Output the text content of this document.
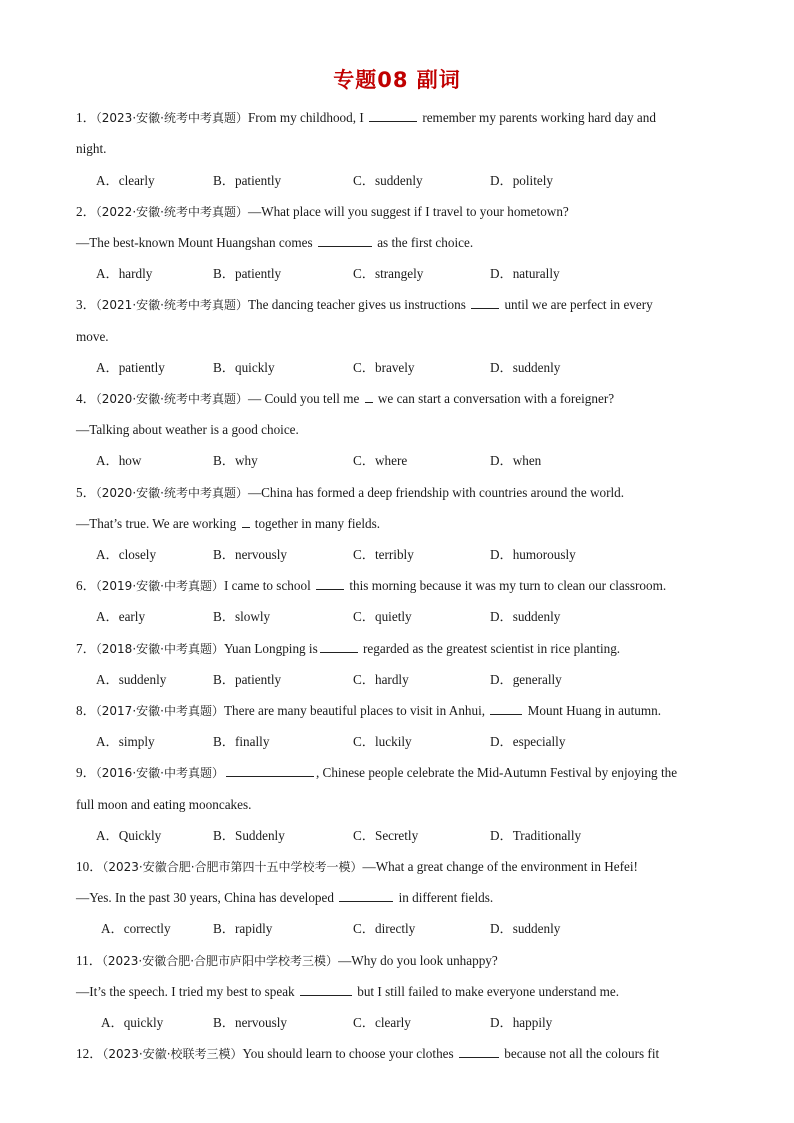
专题08 副词
1．（2023·安徽·统考中考真题）From my childhood, I	remember my parents working hard day and
night.
A．clearly	B．patiently	C．suddenly	D．politely
2．（2022·安徽·统考中考真题）—What place will you suggest if I travel to your hometown?
—The best-known Mount Huangshan comes	as the first choice.
A．hardly	B．patiently	C．strangely	D．naturally
3．（2021·安徽·统考中考真题）The dancing teacher gives us instructions  until we are perfect in every
move.
A．patiently	B．quickly	C．bravely	D．suddenly
4．（2020·安徽·统考中考真题）— Could you tell me  we can start a conversation with a foreigner?
—Talking about weather is a good choice.
A．how	B．why	C．where	D．when
5．（2020·安徽·统考中考真题）—China has formed a deep friendship with countries around the world.
—That’s true. We are working  together in many fields.
A．closely	B．nervously	C．terribly	D．humorously
6．（2019·安徽·中考真题）I came to school  this morning because it was my turn to clean our classroom.
A．early	B．slowly	C．quietly	D．suddenly
7．（2018·安徽·中考真题）Yuan Longping is	regarded as the greatest scientist in rice planting.
A．suddenly	B．patiently	C．hardly	D．generally
8．（2017·安徽·中考真题）There are many beautiful places to visit in Anhui,	Mount Huang in autumn.
A．simply	B．finally	C．luckily	D．especially
9．（2016·安徽·中考真题）	, Chinese people celebrate the Mid-Autumn Festival by enjoying the
full moon and eating mooncakes.
A．Quickly	B．Suddenly	C．Secretly	D．Traditionally
10．（2023·安徽合肥·合肥市第四十五中学校考一模）—What a great change of the environment in Hefei!
—Yes. In the past 30 years, China has developed	in different fields.
A．correctly	B．rapidly	C．directly	D．suddenly
11．（2023·安徽合肥·合肥市庐阳中学校考三模）—Why do you look unhappy?
—It’s the speech. I tried my best to speak	but I still failed to make everyone understand me.
A．quickly	B．nervously	C．clearly	D．happily
12．（2023·安徽·校联考三模）You should learn to choose your clothes	because not all the colours fit
